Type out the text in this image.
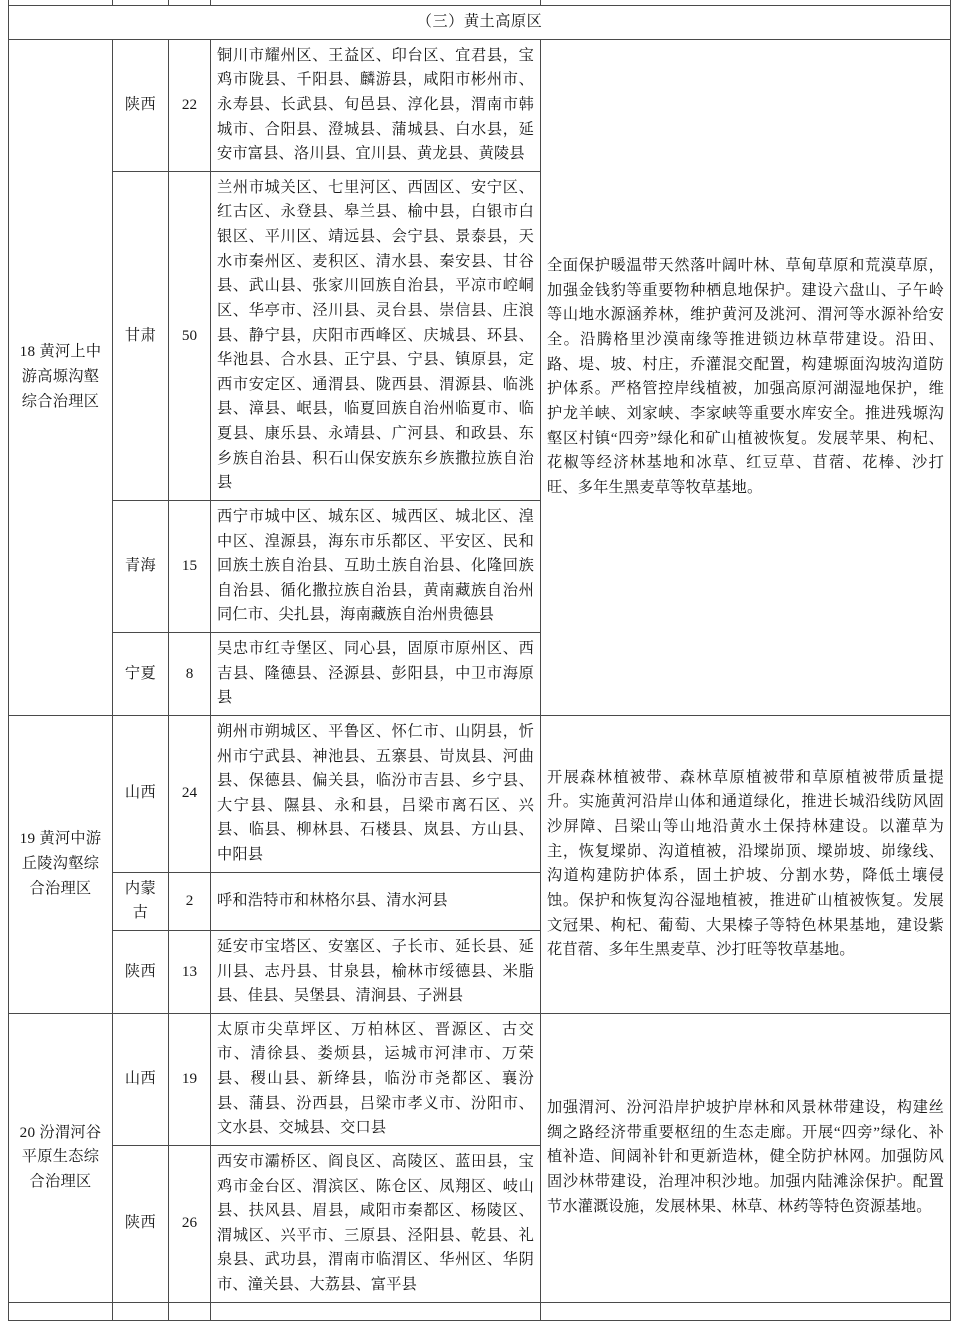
（三）黄土高原区				
18 黄河上中游高塬沟壑综合治理区	陕西	22	铜川市耀州区、王益区、印台区、宜君县，宝鸡市陇县、千阳县、麟游县，咸阳市彬州市、永寿县、长武县、旬邑县、淳化县，渭南市韩城市、合阳县、澄城县、蒲城县、白水县，延安市富县、洛川县、宜川县、黄龙县、黄陵县	全面保护暖温带天然落叶阔叶林、草甸草原和荒漠草原，加强金钱豹等重要物种栖息地保护。建设六盘山、子午岭等山地水源涵养林，维护黄河及洮河、渭河等水源补给安全。沿腾格里沙漠南缘等推进锁边林草带建设。沿田、路、堤、坡、村庄，乔灌混交配置，构建塬面沟坡沟道防护体系。严格管控岸线植被，加强高原河湖湿地保护，维护龙羊峡、刘家峡、李家峡等重要水库安全。推进残塬沟壑区村镇“四旁”绿化和矿山植被恢复。发展苹果、枸杞、花椒等经济林基地和冰草、红豆草、苜蓿、花棒、沙打旺、多年生黑麦草等牧草基地。
	甘肃	50	兰州市城关区、七里河区、西固区、安宁区、红古区、永登县、皋兰县、榆中县，白银市白银区、平川区、靖远县、会宁县、景泰县，天水市秦州区、麦积区、清水县、秦安县、甘谷县、武山县、张家川回族自治县，平凉市崆峒区、华亭市、泾川县、灵台县、崇信县、庄浪县、静宁县，庆阳市西峰区、庆城县、环县、华池县、合水县、正宁县、宁县、镇原县，定西市安定区、通渭县、陇西县、渭源县、临洮县、漳县、岷县，临夏回族自治州临夏市、临夏县、康乐县、永靖县、广河县、和政县、东乡族自治县、积石山保安族东乡族撒拉族自治县	
	青海	15	西宁市城中区、城东区、城西区、城北区、湟中区、湟源县，海东市乐都区、平安区、民和回族土族自治县、互助土族自治县、化隆回族自治县、循化撒拉族自治县，黄南藏族自治州同仁市、尖扎县，海南藏族自治州贵德县	
	宁夏	8	吴忠市红寺堡区、同心县，固原市原州区、西吉县、隆德县、泾源县、彭阳县，中卫市海原县	
19 黄河中游丘陵沟壑综合治理区	山西	24	朔州市朔城区、平鲁区、怀仁市、山阴县，忻州市宁武县、神池县、五寨县、岢岚县、河曲县、保德县、偏关县，临汾市吉县、乡宁县、大宁县、隰县、永和县，吕梁市离石区、兴县、临县、柳林县、石楼县、岚县、方山县、中阳县	开展森林植被带、森林草原植被带和草原植被带质量提升。实施黄河沿岸山体和通道绿化，推进长城沿线防风固沙屏障、吕梁山等山地沿黄水土保持林建设。以灌草为主，恢复墚峁、沟道植被，沿墚峁顶、墚峁坡、峁缘线、沟道构建防护体系，固土护坡、分割水势，降低土壤侵蚀。保护和恢复沟谷湿地植被，推进矿山植被恢复。发展文冠果、枸杞、葡萄、大果榛子等特色林果基地，建设紫花苜蓿、多年生黑麦草、沙打旺等牧草基地。
	内蒙古	2	呼和浩特市和林格尔县、清水河县	
	陕西	13	延安市宝塔区、安塞区、子长市、延长县、延川县、志丹县、甘泉县，榆林市绥德县、米脂县、佳县、吴堡县、清涧县、子洲县	
20 汾渭河谷平原生态综合治理区	山西	19	太原市尖草坪区、万柏林区、晋源区、古交市、清徐县、娄烦县，运城市河津市、万荣县、稷山县、新绛县，临汾市尧都区、襄汾县、蒲县、汾西县，吕梁市孝义市、汾阳市、文水县、交城县、交口县	加强渭河、汾河沿岸护坡护岸林和风景林带建设，构建丝绸之路经济带重要枢纽的生态走廊。开展“四旁”绿化、补植补造、间阔补针和更新造林，健全防护林网。加强防风固沙林带建设，治理冲积沙地。加强内陆滩涂保护。配置节水灌溉设施，发展林果、林草、林药等特色资源基地。
	陕西	26	西安市灞桥区、阎良区、高陵区、蓝田县，宝鸡市金台区、渭滨区、陈仓区、凤翔区、岐山县、扶风县、眉县，咸阳市秦都区、杨陵区、渭城区、兴平市、三原县、泾阳县、乾县、礼泉县、武功县，渭南市临渭区、华州区、华阴市、潼关县、大荔县、富平县	
